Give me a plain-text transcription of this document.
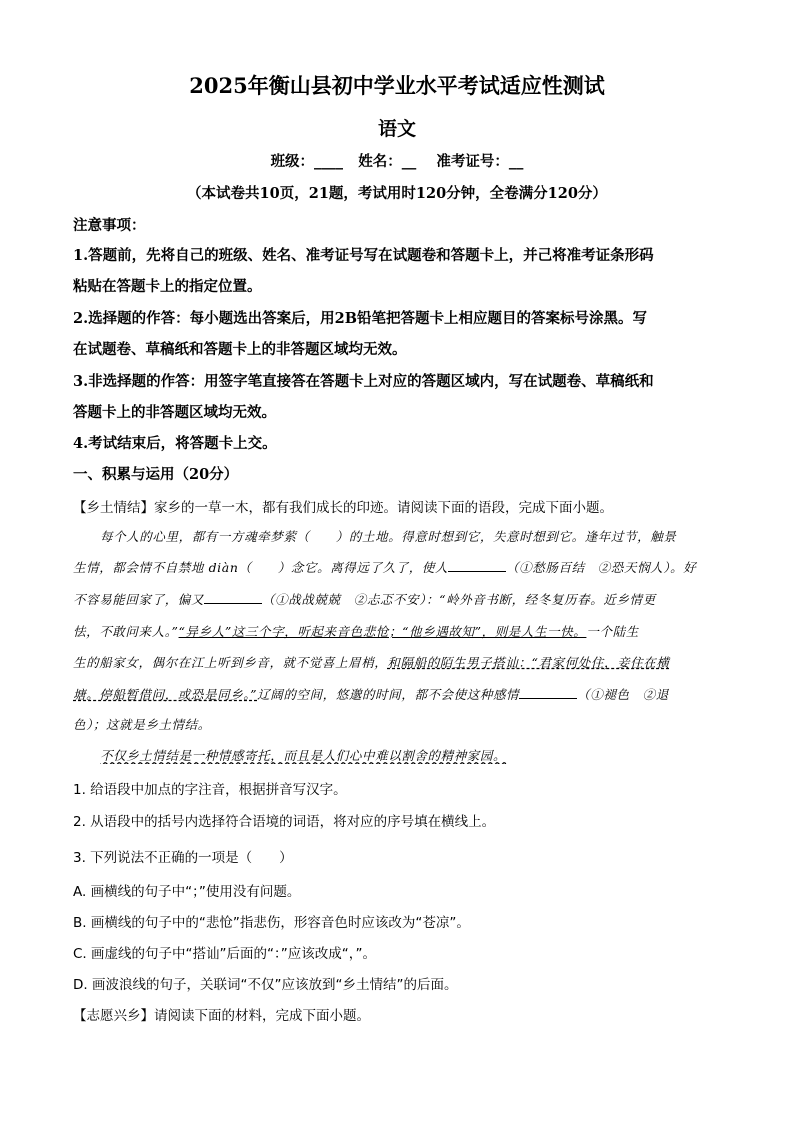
2025年衡山县初中学业水平考试适应性测试
语文
班级：____ 姓名：__ 准考证号：__
（本试卷共10页，21题，考试用时120分钟，全卷满分120分）
注意事项：
1.答题前，先将自己的班级、姓名、准考证号写在试题卷和答题卡上，并己将准考证条形码
粘贴在答题卡上的指定位置。
2.选择题的作答：每小题选出答案后，用2B铅笔把答题卡上相应题目的答案标号涂黑。写
在试题卷、草稿纸和答题卡上的非答题区域均无效。
3.非选择题的作答：用签字笔直接答在答题卡上对应的答题区域内，写在试题卷、草稿纸和
答题卡上的非答题区域均无效。
4.考试结束后，将答题卡上交。
一、积累与运用（20分）
【乡土情结】家乡的一草一木，都有我们成长的印迹。请阅读下面的语段，完成下面小题。
每个人的心里，都有一方魂牵梦萦（　　）的土地。得意时想到它，失意时想到它。逢年过节，触景
生情，都会情不自禁地 diàn（　　）念它。离得远了久了，使人	（①愁肠百结　②恐天悯人）。好
不容易能回家了，偏又	（①战战兢兢　②忐忑不安）：“岭外音书断，经冬复历春。近乡情更
怯，不敢问来人。”“异乡人”这三个字，听起来音色悲怆；“他乡遇故知”，则是人生一快。一个陆生
生的船家女，偶尔在江上听到乡音，就不觉喜上眉梢，和隔船的陌生男子搭讪：“君家何处住，妾住在横
塘。停船暂借问，或恐是同乡。”辽阔的空间，悠邈的时间，都不会使这种感情	（①褪色　②退
色）；这就是乡土情结。
不仅乡土情结是一种情感寄托，而且是人们心中难以割舍的精神家园。
1. 给语段中加点的字注音，根据拼音写汉字。
2. 从语段中的括号内选择符合语境的词语，将对应的序号填在横线上。
3. 下列说法不正确的一项是（　　）
A. 画横线的句子中“；”使用没有问题。
B. 画横线的句子中的“悲怆”指悲伤，形容音色时应该改为“苍凉”。
C. 画虚线的句子中“搭讪”后面的“：”应该改成“，”。
D. 画波浪线的句子，关联词“不仅”应该放到“乡土情结”的后面。
【志愿兴乡】请阅读下面的材料，完成下面小题。
